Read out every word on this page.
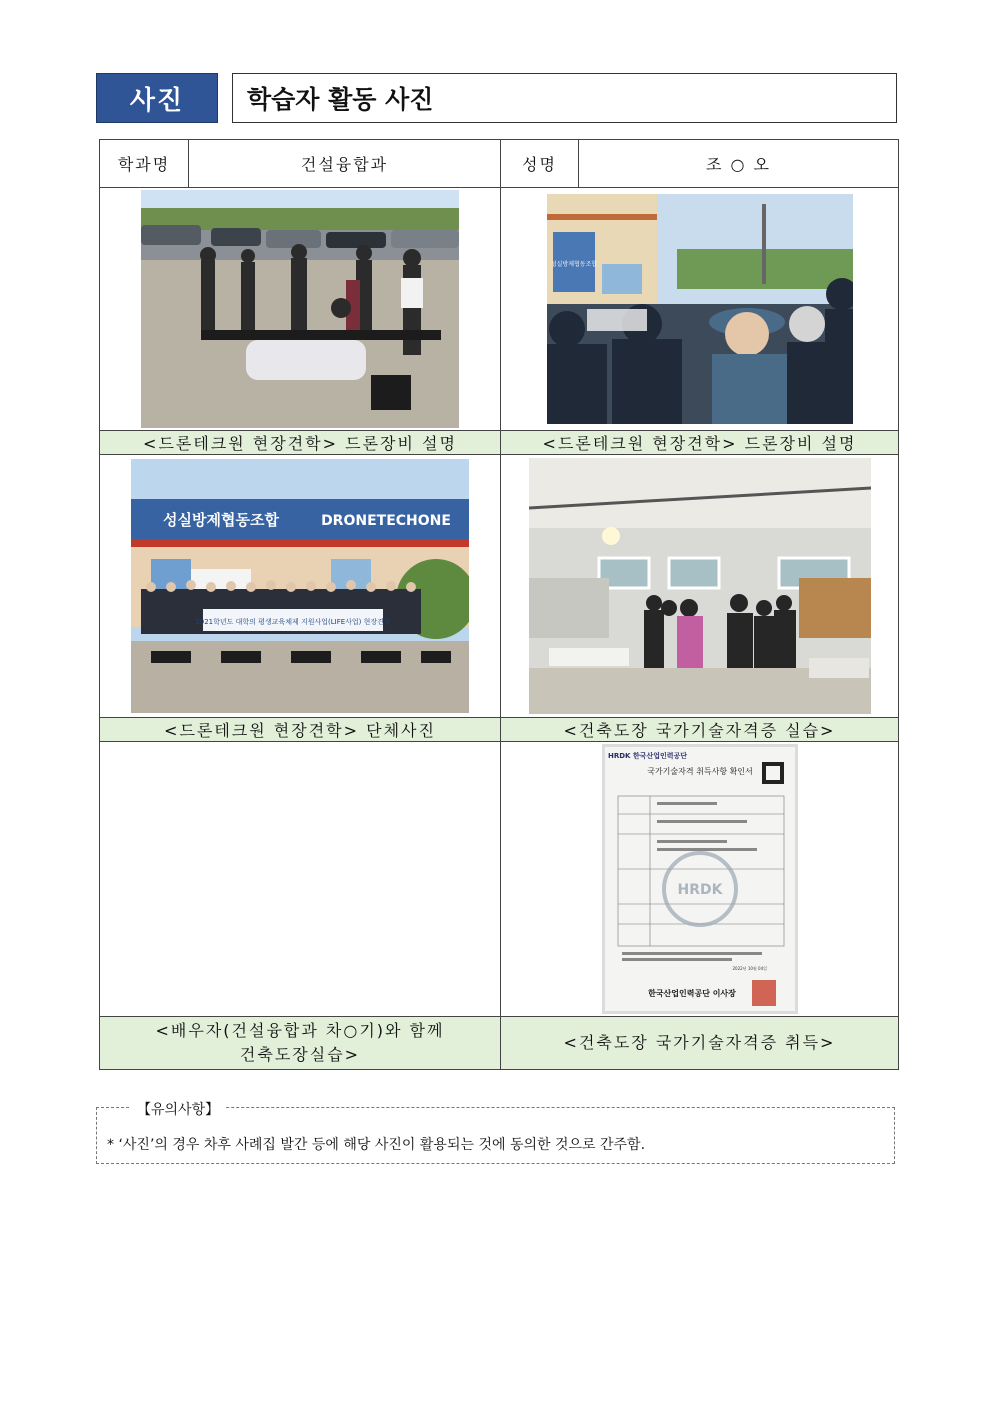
사진	학습자 활동 사진
학과명	건설융합과	성명	조 ○ 오

성실방제협동조합	

<드론테크원 현장견학> 드론장비 설명		<드론테크원 현장견학> 드론장비 설명	

성실방제협동조합 DRONETECHONE
2021학년도 대학의 평생교육체제 지원사업(LIFE사업) 현장견학

<드론테크원 현장견학> 단체사진		<건축도장 국가기술자격증 실습>	

HRDK 한국산업인력공단
국가기술자격 취득사항 확인서
HRDK
2022년 10월 04일
한국산업인력공단 이사장	

<배우자(건설융합과 차○기)와 함께
건축도장실습>		<건축도장 국가기술자격증 취득>	
【유의사항】
* ‘사진’의 경우 차후 사례집 발간 등에 해당 사진이 활용되는 것에 동의한 것으로 간주함.
